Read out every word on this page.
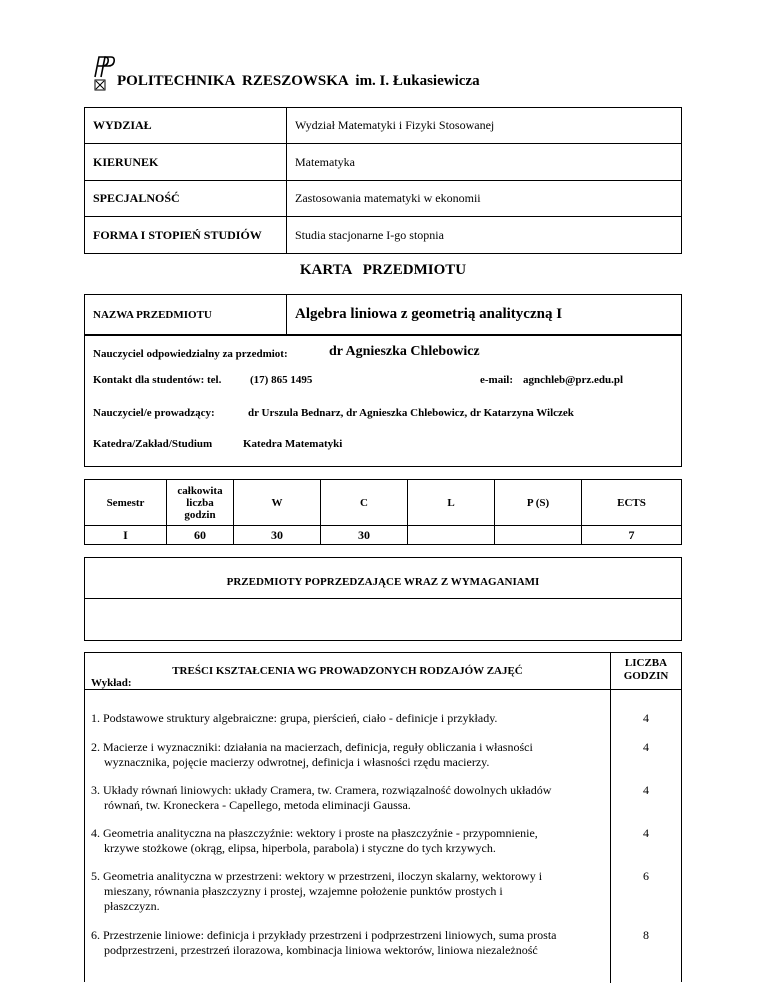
POLITECHNIKA  RZESZOWSKA  im. I. Łukasiewicza
WYDZIAŁ	Wydział Matematyki i Fizyki Stosowanej
KIERUNEK	Matematyka
SPECJALNOŚĆ	Zastosowania matematyki w ekonomii
FORMA I STOPIEŃ STUDIÓW	Studia stacjonarne I-go stopnia
KARTA   PRZEDMIOTU
NAZWA PRZEDMIOTU	Algebra liniowa z geometrią analityczną I
Nauczyciel odpowiedzialny za przedmiot:	dr Agnieszka Chlebowicz
Kontakt dla studentów: tel.	(17) 865 1495	e-mail: agnchleb@prz.edu.pl
Nauczyciel/e prowadzący:	dr Urszula Bednarz, dr Agnieszka Chlebowicz, dr Katarzyna Wilczek
Katedra/Zakład/Studium	Katedra Matematyki
Semestr	całkowita liczba godzin	W	C	L	P (S)	ECTS
I	60	30	30			7
PRZEDMIOTY POPRZEDZAJĄCE WRAZ Z WYMAGANIAMI
TREŚCI KSZTAŁCENIA WG PROWADZONYCH RODZAJÓW ZAJĘĆ
LICZBA GODZIN
Wykład:
1. Podstawowe struktury algebraiczne: grupa, pierścień, ciało - definicje i przykłady.	4
2. Macierze i wyznaczniki: działania na macierzach, definicja, reguły obliczania i własności
wyznacznika, pojęcie macierzy odwrotnej, definicja i własności rzędu macierzy.
4
3. Układy równań liniowych: układy Cramera, tw. Cramera, rozwiązalność dowolnych układów
równań, tw. Kroneckera - Capellego, metoda eliminacji Gaussa.
4
4. Geometria analityczna na płaszczyźnie: wektory i proste na płaszczyźnie - przypomnienie,
krzywe stożkowe (okrąg, elipsa, hiperbola, parabola) i styczne do tych krzywych.
4
5. Geometria analityczna w przestrzeni: wektory w przestrzeni, iloczyn skalarny, wektorowy i
mieszany, równania płaszczyzny i prostej, wzajemne położenie punktów prostych i
płaszczyzn.
6
6. Przestrzenie liniowe: definicja i przykłady przestrzeni i podprzestrzeni liniowych, suma prosta
podprzestrzeni, przestrzeń ilorazowa, kombinacja liniowa wektorów, liniowa niezależność
8
